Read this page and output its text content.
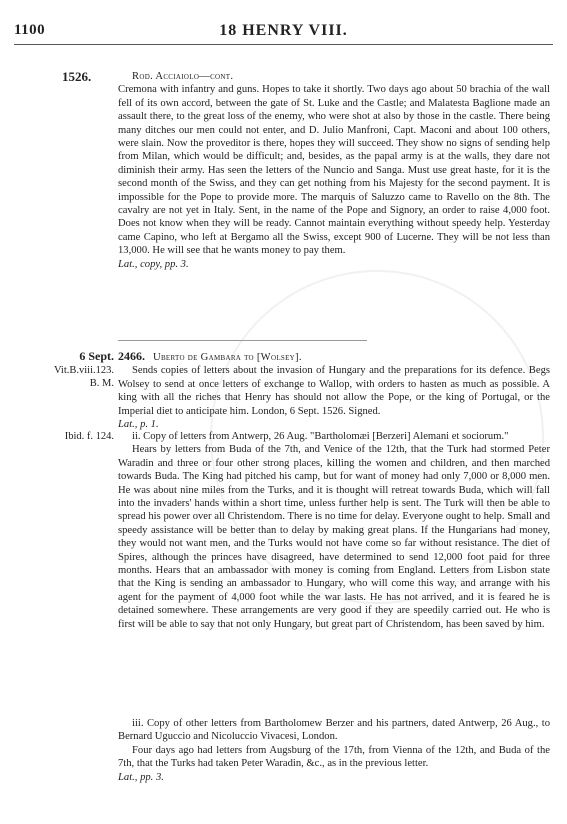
1100	18 HENRY VIII.
1526.	Rod. Acciaiolo—cont.

Cremona with infantry and guns. Hopes to take it shortly. Two days ago about 50 brachia of the wall fell of its own accord, between the gate of St. Luke and the Castle; and Malatesta Baglione made an assault there, to the great loss of the enemy, who were shot at also by those in the castle. There being many ditches our men could not enter, and D. Julio Manfroni, Capt. Maconi and about 100 others, were slain. Now the proveditor is there, hopes they will succeed. They show no signs of sending help from Milan, which would be difficult; and, besides, as the papal army is at the walls, they dare not diminish their army. Has seen the letters of the Nuncio and Sanga. Must use great haste, for it is the second month of the Swiss, and they can get nothing from his Majesty for the second payment. It is impossible for the Pope to provide more. The marquis of Saluzzo came to Ravello on the 8th. The cavalry are not yet in Italy. Sent, in the name of the Pope and Signory, an order to raise 4,000 foot. Does not know when they will be ready. Cannot maintain everything without speedy help. Yesterday came Capino, who left at Bergamo all the Swiss, except 900 of Lucerne. They will be not less than 13,000. He will see that he wants money to pay them.

Lat., copy, pp. 3.

6 Sept.
Vit.B.viii.123.
B. M.

2466. Uberto de Gambara to [Wolsey].

Sends copies of letters about the invasion of Hungary and the preparations for its defence. Begs Wolsey to send at once letters of exchange to Wallop, with orders to hasten as much as possible. A king with all the riches that Henry has should not allow the Pope, or the king of Portugal, or the Imperial diet to anticipate him. London, 6 Sept. 1526. Signed.

Lat., p. 1.

Ibid. f. 124.	ii. Copy of letters from Antwerp, 26 Aug. "Bartholomæi [Berzeri] Alemani et sociorum."

Hears by letters from Buda of the 7th, and Venice of the 12th, that the Turk had stormed Peter Waradin and three or four other strong places, killing the women and children, and then marched towards Buda. The King had pitched his camp, but for want of money had only 7,000 or 8,000 men. He was about nine miles from the Turks, and it is thought will retreat towards Buda, which will fall into the invaders' hands within a short time, unless further help is sent. The Turk will then be able to spread his power over all Christendom. There is no time for delay. Everyone ought to help. Small and speedy assistance will be better than to delay by making great plans. If the Hungarians had money, they would not want men, and the Turks would not have come so far without resistance. The diet of Spires, although the princes have disagreed, have determined to send 12,000 foot paid for three months. Hears that an ambassador with money is coming from England. Letters from Lisbon state that the King is sending an ambassador to Hungary, who will come this way, and arrange with his agent for the payment of 4,000 foot while the war lasts. He has not arrived, and it is feared he is detained somewhere. These arrangements are very good if they are speedily carried out. He who is first will be able to say that not only Hungary, but great part of Christendom, has been saved by him.

iii. Copy of other letters from Bartholomew Berzer and his partners, dated Antwerp, 26 Aug., to Bernard Uguccio and Nicoluccio Vivacesi, London.

Four days ago had letters from Augsburg of the 17th, from Vienna of the 12th, and Buda of the 7th, that the Turks had taken Peter Waradin, &c., as in the previous letter.

Lat., pp. 3.
